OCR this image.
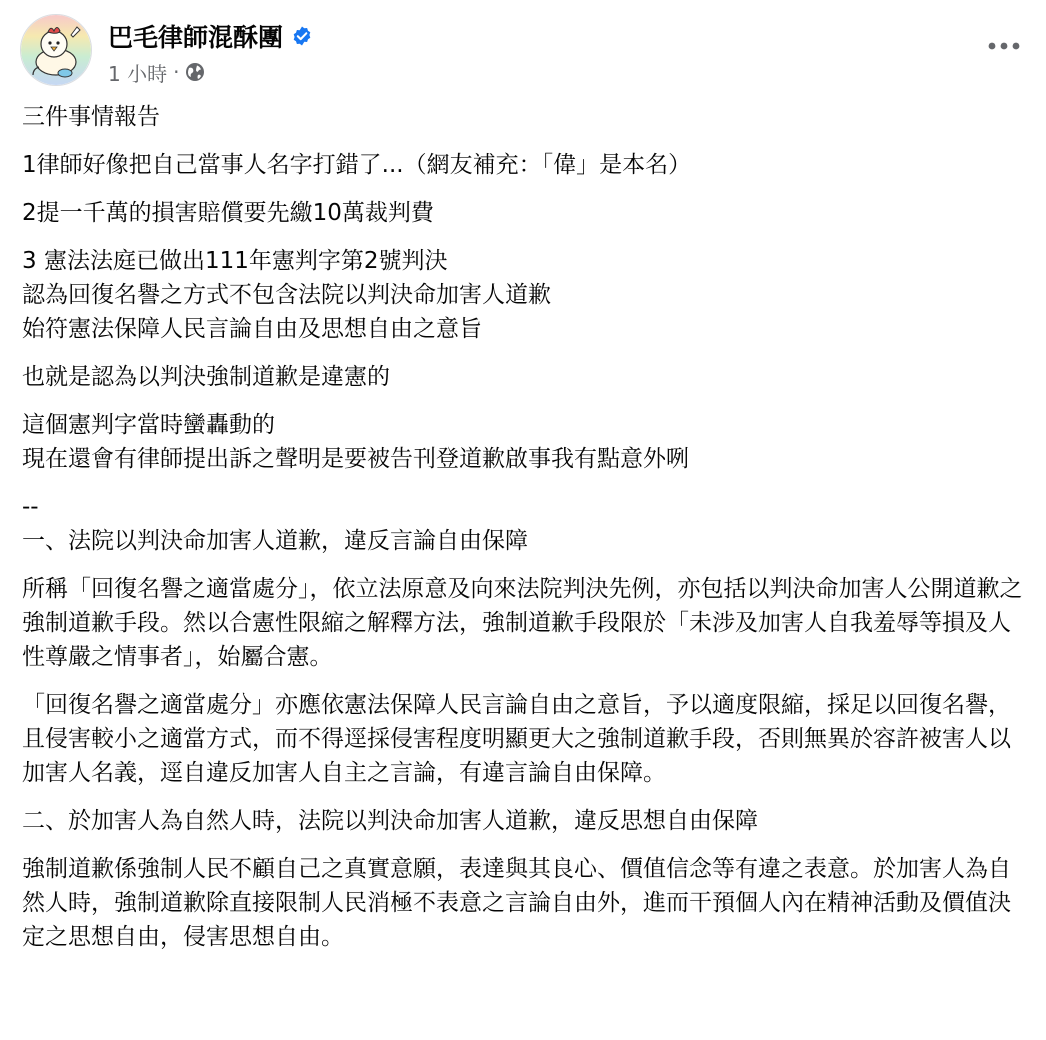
巴毛律師混酥團
1 小時 ·

三件事情報告

1律師好像把自己當事人名字打錯了...（網友補充：「偉」是本名）

2提一千萬的損害賠償要先繳10萬裁判費

3 憲法法庭已做出111年憲判字第2號判決
認為回復名譽之方式不包含法院以判決命加害人道歉
始符憲法保障人民言論自由及思想自由之意旨

也就是認為以判決強制道歉是違憲的

這個憲判字當時蠻轟動的
現在還會有律師提出訴之聲明是要被告刊登道歉啟事我有點意外咧

--
一、法院以判決命加害人道歉，違反言論自由保障

所稱「回復名譽之適當處分」，依立法原意及向來法院判決先例，亦包括以判決命加害人公開道歉之強制道歉手段。然以合憲性限縮之解釋方法，強制道歉手段限於「未涉及加害人自我羞辱等損及人性尊嚴之情事者」，始屬合憲。

「回復名譽之適當處分」亦應依憲法保障人民言論自由之意旨，予以適度限縮，採足以回復名譽，且侵害較小之適當方式，而不得逕採侵害程度明顯更大之強制道歉手段，否則無異於容許被害人以加害人名義，逕自違反加害人自主之言論，有違言論自由保障。

二、於加害人為自然人時，法院以判決命加害人道歉，違反思想自由保障

強制道歉係強制人民不顧自己之真實意願，表達與其良心、價值信念等有違之表意。於加害人為自然人時，強制道歉除直接限制人民消極不表意之言論自由外，進而干預個人內在精神活動及價值決定之思想自由，侵害思想自由。
